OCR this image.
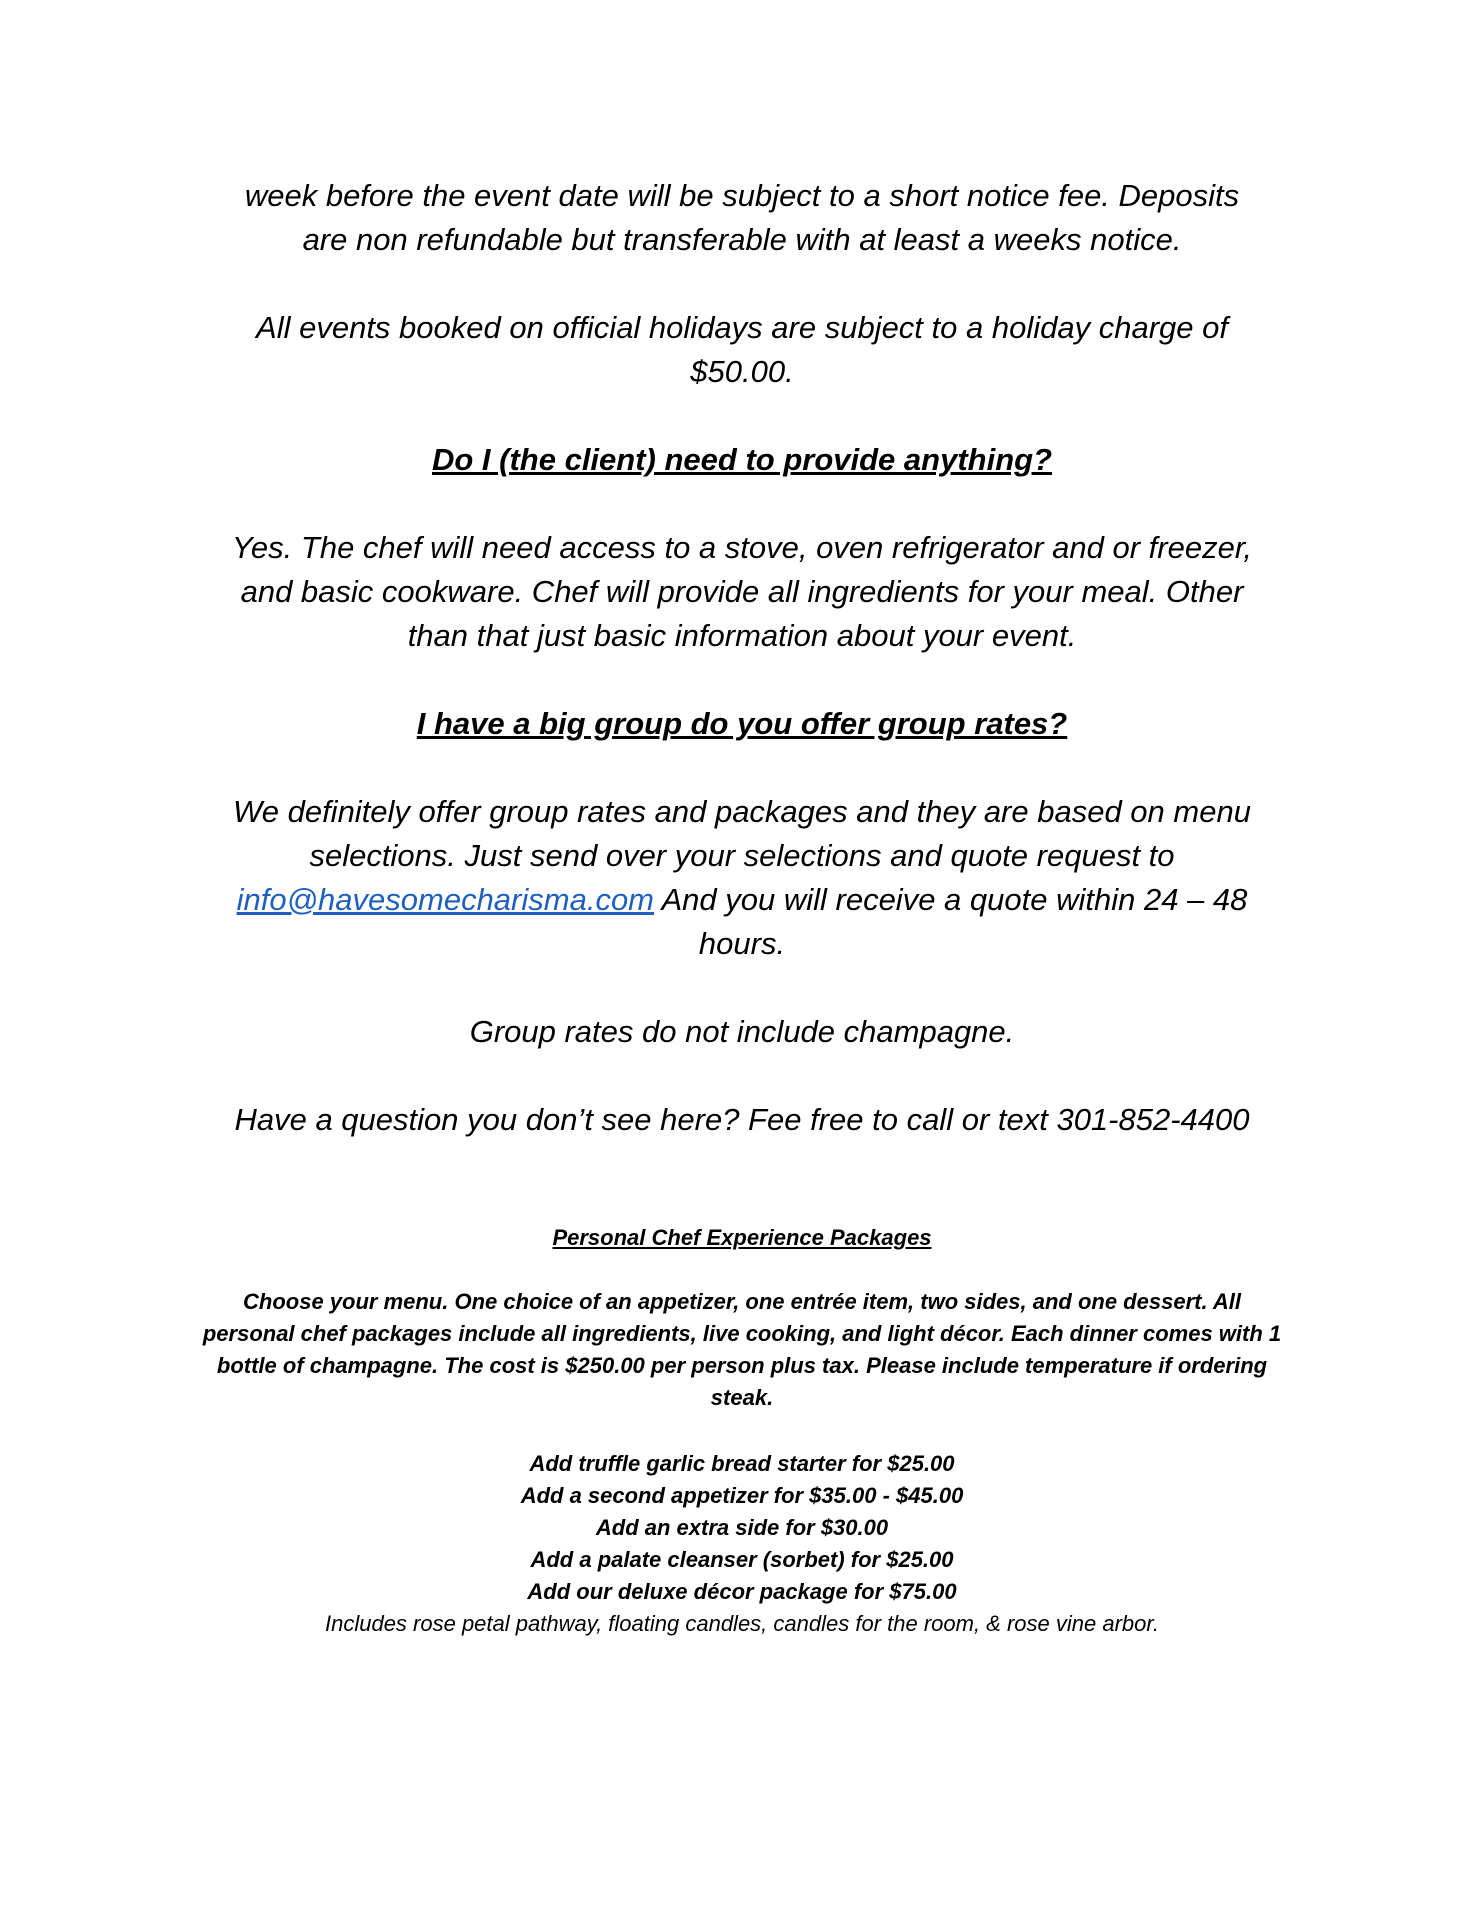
week before the event date will be subject to a short notice fee. Deposits
are non refundable but transferable with at least a weeks notice.

All events booked on official holidays are subject to a holiday charge of
$50.00.

Do I (the client) need to provide anything?

Yes. The chef will need access to a stove, oven refrigerator and or freezer,
and basic cookware. Chef will provide all ingredients for your meal. Other
than that just basic information about your event.

I have a big group do you offer group rates?

We definitely offer group rates and packages and they are based on menu
selections. Just send over your selections and quote request to
info@havesomecharisma.com And you will receive a quote within 24 – 48
hours.

Group rates do not include champagne.

Have a question you don’t see here? Fee free to call or text 301-852-4400

Personal Chef Experience Packages

Choose your menu. One choice of an appetizer, one entrée item, two sides, and one dessert. All
personal chef packages include all ingredients, live cooking, and light décor. Each dinner comes with 1
bottle of champagne. The cost is $250.00 per person plus tax. Please include temperature if ordering
steak.

Add truffle garlic bread starter for $25.00
Add a second appetizer for $35.00 - $45.00
Add an extra side for $30.00
Add a palate cleanser (sorbet) for $25.00
Add our deluxe décor package for $75.00

Includes rose petal pathway, floating candles, candles for the room, & rose vine arbor.
